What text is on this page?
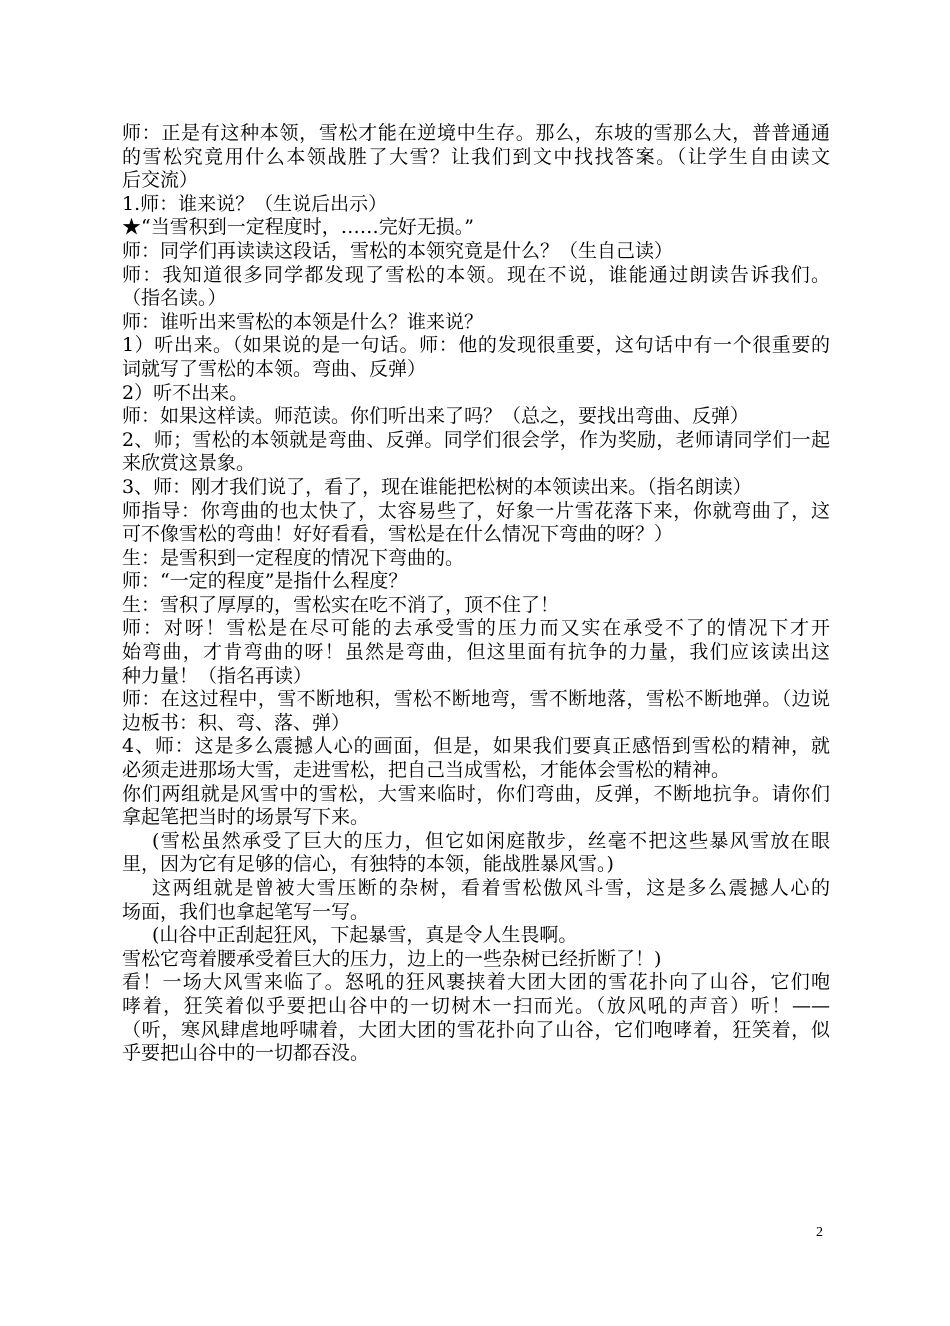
师：正是有这种本领，雪松才能在逆境中生存。那么，东坡的雪那么大，普普通通
的雪松究竟用什么本领战胜了大雪？让我们到文中找找答案。（让学生自由读文
后交流）
1.师：谁来说？（生说后出示）
★“当雪积到一定程度时，……完好无损。”
师：同学们再读读这段话，雪松的本领究竟是什么？（生自己读）
师：我知道很多同学都发现了雪松的本领。现在不说，谁能通过朗读告诉我们。
（指名读。）
师：谁听出来雪松的本领是什么？谁来说？
1）听出来。（如果说的是一句话。师：他的发现很重要，这句话中有一个很重要的
词就写了雪松的本领。弯曲、反弹）
2）听不出来。
师：如果这样读。师范读。你们听出来了吗？（总之，要找出弯曲、反弹）
2、师；雪松的本领就是弯曲、反弹。同学们很会学，作为奖励，老师请同学们一起
来欣赏这景象。
3、师：刚才我们说了，看了，现在谁能把松树的本领读出来。（指名朗读）
师指导：你弯曲的也太快了，太容易些了，好象一片雪花落下来，你就弯曲了，这
可不像雪松的弯曲！好好看看，雪松是在什么情况下弯曲的呀？）
生：是雪积到一定程度的情况下弯曲的。
师：“一定的程度”是指什么程度？
生：雪积了厚厚的，雪松实在吃不消了，顶不住了！
师：对呀！雪松是在尽可能的去承受雪的压力而又实在承受不了的情况下才开
始弯曲，才肯弯曲的呀！虽然是弯曲，但这里面有抗争的力量，我们应该读出这
种力量！（指名再读）
师：在这过程中，雪不断地积，雪松不断地弯，雪不断地落，雪松不断地弹。（边说
边板书：积、弯、落、弹）
4、师：这是多么震撼人心的画面，但是，如果我们要真正感悟到雪松的精神，就
必须走进那场大雪，走进雪松，把自己当成雪松，才能体会雪松的精神。
你们两组就是风雪中的雪松，大雪来临时，你们弯曲，反弹，不断地抗争。请你们
拿起笔把当时的场景写下来。
(雪松虽然承受了巨大的压力，但它如闲庭散步，丝毫不把这些暴风雪放在眼
里，因为它有足够的信心，有独特的本领，能战胜暴风雪。)
这两组就是曾被大雪压断的杂树，看着雪松傲风斗雪，这是多么震撼人心的
场面，我们也拿起笔写一写。
(山谷中正刮起狂风，下起暴雪，真是令人生畏啊。
雪松它弯着腰承受着巨大的压力，边上的一些杂树已经折断了！)
看！一场大风雪来临了。怒吼的狂风裹挟着大团大团的雪花扑向了山谷，它们咆
哮着，狂笑着似乎要把山谷中的一切树木一扫而光。（放风吼的声音）听！——
（听，寒风肆虐地呼啸着，大团大团的雪花扑向了山谷，它们咆哮着，狂笑着，似
乎要把山谷中的一切都吞没。
2
